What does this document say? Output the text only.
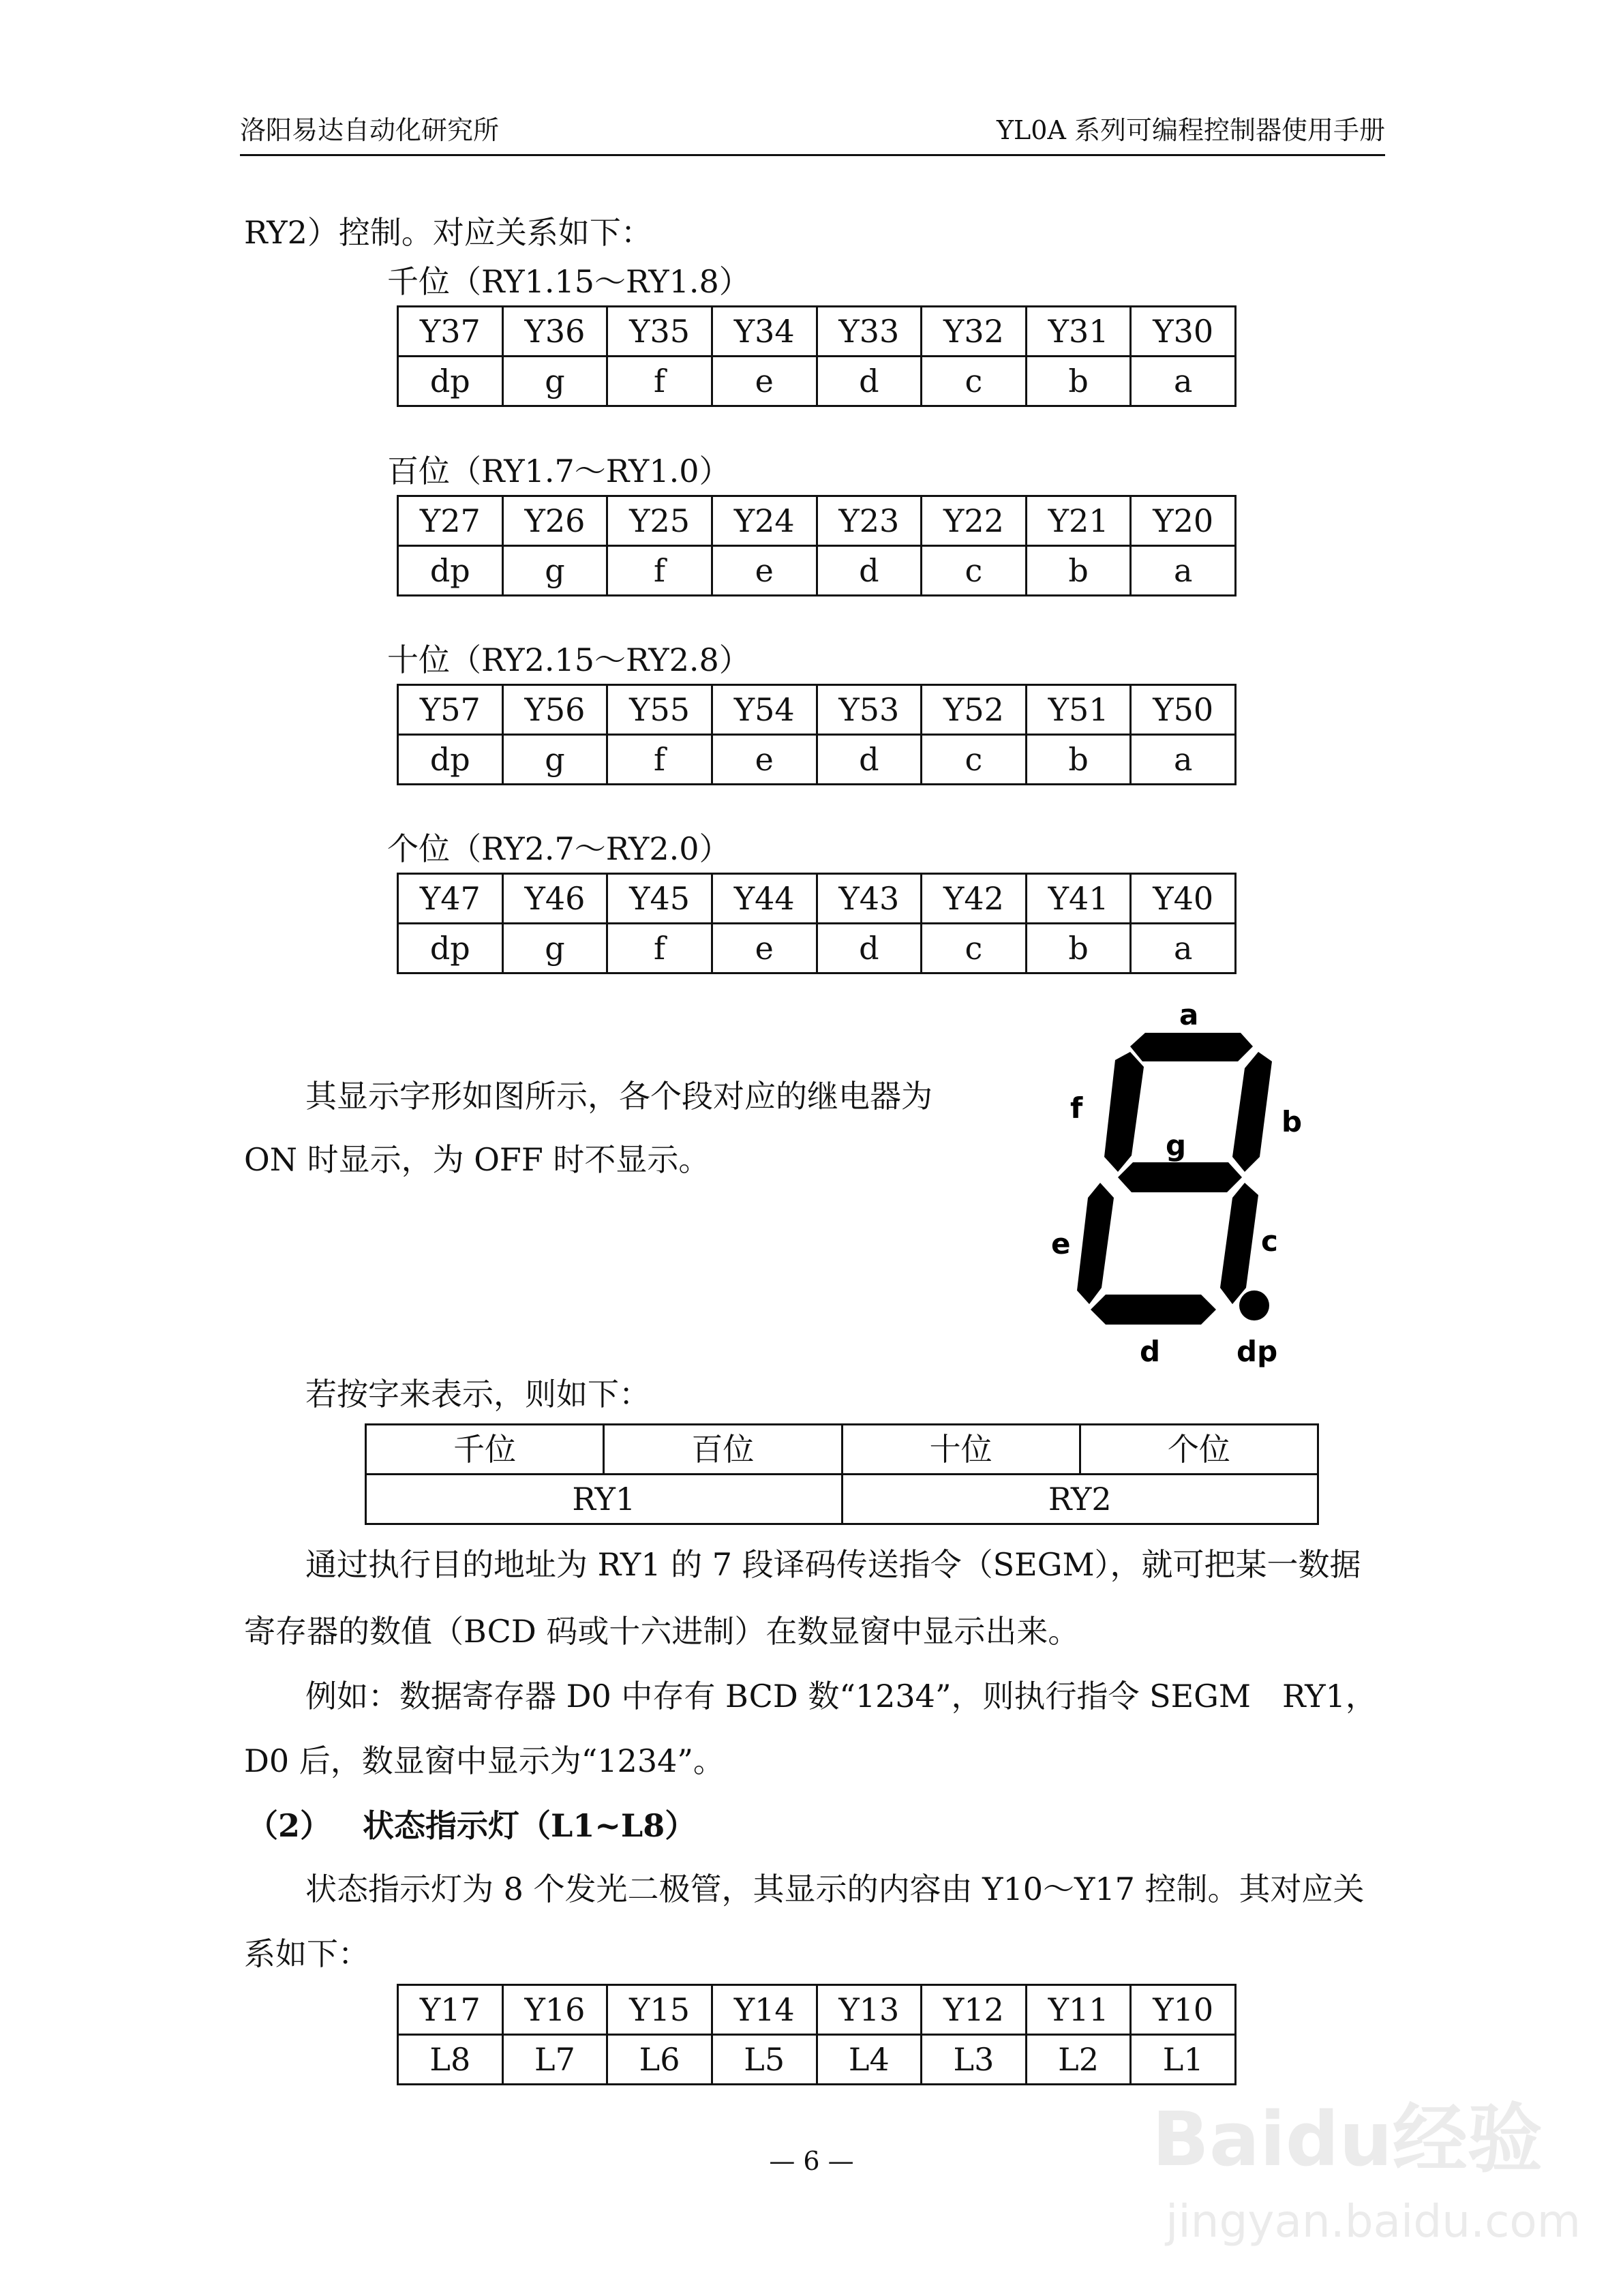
洛阳易达自动化研究所	YL0A 系列可编程控制器使用手册
RY2）控制。对应关系如下：
千位（RY1.15～RY1.8）
Y37	Y36	Y35	Y34	Y33	Y32	Y31	Y30
dp	g	f	e	d	c	b	a
百位（RY1.7～RY1.0）
Y27	Y26	Y25	Y24	Y23	Y22	Y21	Y20
dp	g	f	e	d	c	b	a
十位（RY2.15～RY2.8）
Y57	Y56	Y55	Y54	Y53	Y52	Y51	Y50
dp	g	f	e	d	c	b	a
个位（RY2.7～RY2.0）
Y47	Y46	Y45	Y44	Y43	Y42	Y41	Y40
dp	g	f	e	d	c	b	a
其显示字形如图所示，各个段对应的继电器为
ON 时显示，为 OFF 时不显示。
a
b
c
d
e
f
g
dp
若按字来表示，则如下：
千位	百位	十位	个位
RY1		RY2	
通过执行目的地址为 RY1 的 7 段译码传送指令（SEGM），就可把某一数据
寄存器的数值（BCD 码或十六进制）在数显窗中显示出来。
例如：数据寄存器 D0 中存有 BCD 数“1234”，则执行指令 SEGM　RY1，
D0 后，数显窗中显示为“1234”。
（2） 状态指示灯（L1~L8）
状态指示灯为 8 个发光二极管，其显示的内容由 Y10～Y17 控制。其对应关
系如下：
Y17	Y16	Y15	Y14	Y13	Y12	Y11	Y10
L8	L7	L6	L5	L4	L3	L2	L1
— 6 —	Baidu经验
jingyan.baidu.com
